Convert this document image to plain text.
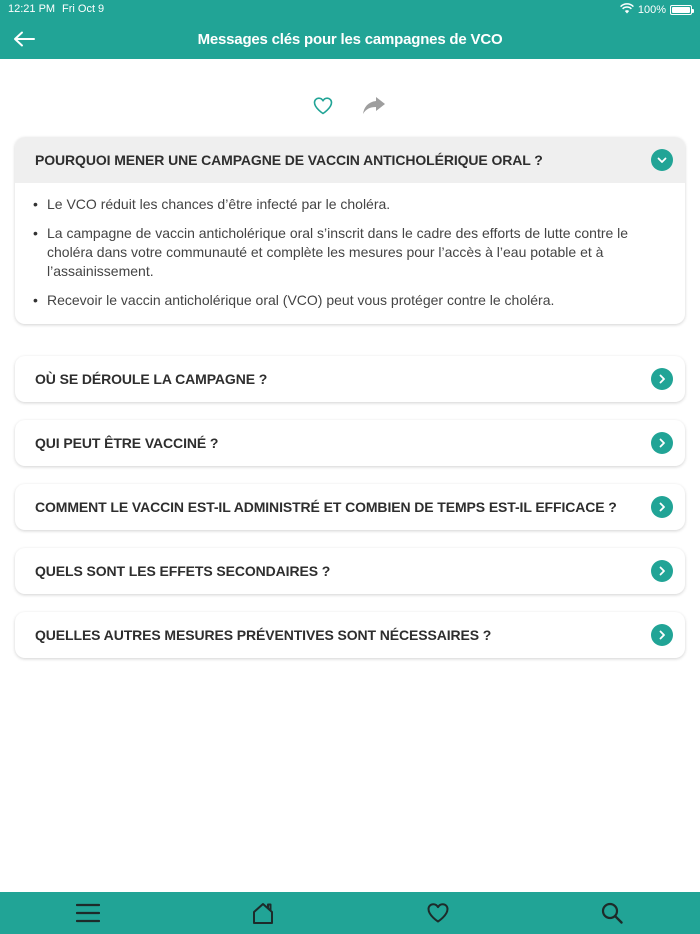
12:21 PM Fri Oct 9	100%
Messages clés pour les campagnes de VCO
POURQUOI MENER UNE CAMPAGNE DE VACCIN ANTICHOLÉRIQUE ORAL ?
• Le VCO réduit les chances d’être infecté par le choléra.
• La campagne de vaccin anticholérique oral s’inscrit dans le cadre des efforts de lutte contre le choléra dans votre communauté et complète les mesures pour l’accès à l’eau potable et à l’assainissement.
• Recevoir le vaccin anticholérique oral (VCO) peut vous protéger contre le choléra.
OÙ SE DÉROULE LA CAMPAGNE ?
QUI PEUT ÊTRE VACCINÉ ?
COMMENT LE VACCIN EST-IL ADMINISTRÉ ET COMBIEN DE TEMPS EST-IL EFFICACE ?
QUELS SONT LES EFFETS SECONDAIRES ?
QUELLES AUTRES MESURES PRÉVENTIVES SONT NÉCESSAIRES ?
